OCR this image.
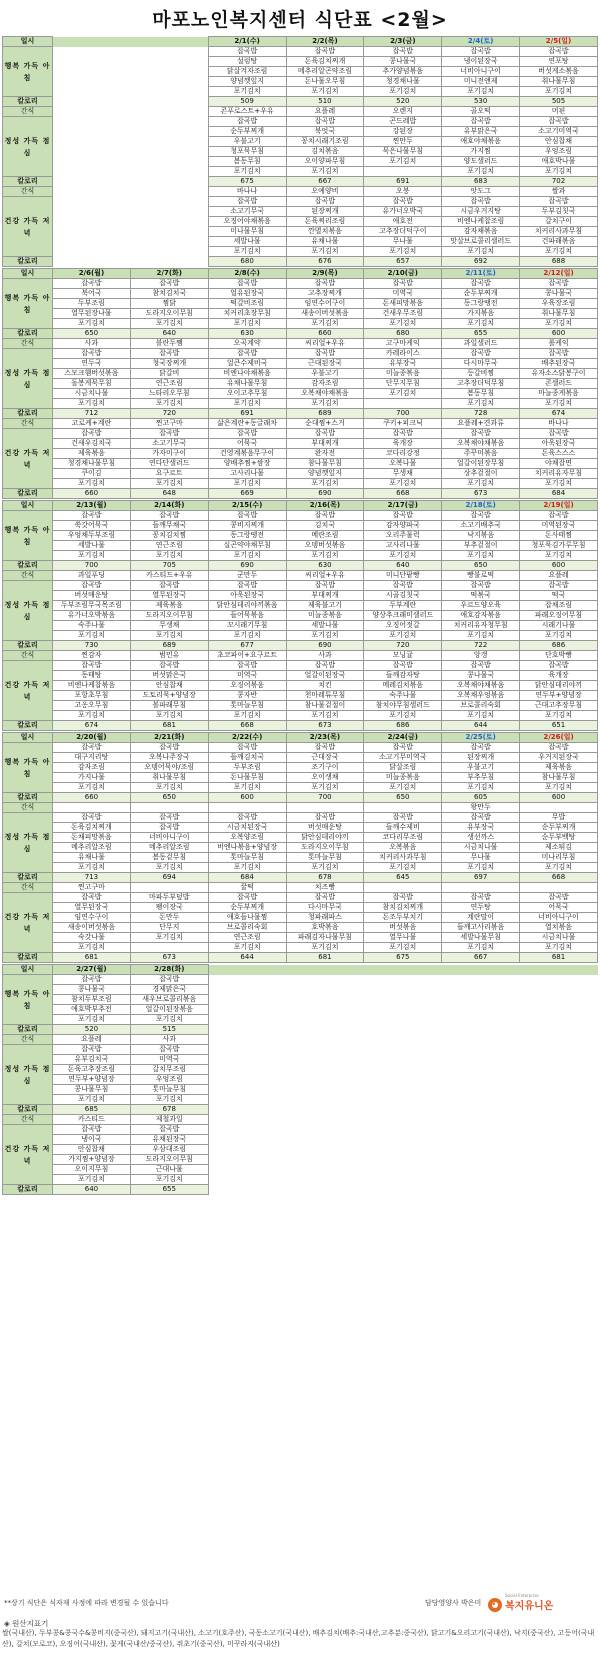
마포노인복지센터 식단표 <2월>
일시			2/1(수)	2/2(목)	2/3(금)	2/4(토)	2/5(일)
행복 가득 아침			잡곡밥	잡곡밥	잡곡밥	잡곡밥	잡곡밥
			설렁탕	돈육김치찌개	콩나물국	냉이된장국	연포탕
			닭살겨자조림	메추리알곤약조림	추가양념볶음	너비아니구이	버섯게소볶음
			양념깻잎지	돈나물오무침	청경채나물	미니전앤제	취나물무침
			포기김치	포기김치	포기김치	포기김치	포기김치
칼로리			509	510	520	530	505
간식			콘푸로스트+우유	요플레	오렌지	골오떡	머핀
정성 가득 점심			잡곡밥	잡곡밥	곤드레밥	잡곡밥	잡곡밥
			순두부찌개	북엇국	강된장	유부맑은국	소고기미역국
			우불고기	꽁치시래기조림	찐만두	애호야채볶음	안심찹채
			청포묵무침	김치볶음	묵은나물무침	가지찜	우엉조림
			봄동무침	오이양파무침	포기김치	양도샐러드	애호박나물
			포기김치	포기김치		포기김치	포기김치
칼로리			675	667	691	683	702
간식			바나나	오예양비	오붕	앗도그	쌀과
건강 가득 저녁			잡곡밥	잡곡밥	잡곡밥	잡곡밥	잡곡밥
			소고기무국	된장찌개	유가너오박국	시금우거지탕	두부김칫국
			오징어야채볶음	돈육찌리조림	애호전	비엔나케찹조림	갈치구이
			미나물무침	깐멸치볶음	고추장더덕구이	감자채볶음	치커리사과무침
			세발나물	유채나물	무나물	맛살브로콜리샐러드	건파래볶음
			포기김치	포기김치	포기김치	포기김치	포기김치
칼로리			680	676	657	692	688

일시	2/6(월)	2/7(화)	2/8(수)	2/9(목)	2/10(금)	2/11(토)	2/12(일)
행복 가득 아침	잡곡밥	잡곡밥	잡곡밥	잡곡밥	잡곡밥	잡곡밥	잡곡밥
	북어국	참치김치국	얼유된장국	고추장찌개	미역국	순두부찌개	콩나물국
	두부조림	찜닭	떡갈비조림	임연수어구이	돈새피망볶음	동그랑땡전	우육장조림
	열무된장나물	도라지오이무침	치커리초장무침	새송이버섯볶음	건새우무조림	가지볶음	취나물무침
	포기김치	포기김치	포기김치	포기김치	포기김치	포기김치	포기김치
칼로리	650	640	630	660	680	655	600
간식	사과	블란두쨈	오곡계약	씨리얼+우유	고구마케익	과일샐러드	롤케익
정성 가득 점심	잡곡밥	잡곡밥	잡곡밥	잡곡밥	카레라이스	잡곡밥	잡곡밥
	연두국	청국장찌개	얼큰수제비국	근대된장국	유부장국	다시마무국	배추된장국
	스모크햄버섯볶음	닭갈비	비엔나야채볶음	우불고기	미늘종볶음	등갈비찜	유자소스닭봉구이
	돌봉게묵무침	연근조림	유채나물무침	감자조림	단무지무침	고추장더덕무침	콘샐러드
	시금치나물	느타리오무침	오이고추무침	오복채야채볶음	포기김치	봄동무침	마늘종게볶음
	포기김치	포기김치	포기김치	포기김치		포기김치	포기김치
칼로리	712	720	691	689	700	728	674
간식	고로케+계란	찐고구마	삶은계란+동글래차	순대찜+스거	쿠키+피크닉	요플레+견과류	바나나
건강 가득 저녁	잡곡밥	잡곡밥	잡곡밥	잡곡밥	잡곡밥	잡곡밥	잡곡밥
	건새우김치국	소고기무국	어묵국	부대찌개	육개장	오복채야채볶음	아욱된장국
	제육볶음	가자미구이	건영계볶음무구이	완자전	코다리강정	주꾸미볶음	돈육스스스
	청경채나물무침	연다단샐러드	양배추찜+쌈장	참나물무침	오복나물	얼갈이된장무침	야채잡면
	쿠이김	요구르트	고사리나물	양념깻잎지	무생채	상추겉절이	치커리유자무침
	포기김치	포기김치	포기김치	포기김치	포기김치	포기김치	포기김치
칼로리	660	648	669	690	668	673	684

일시	2/13(월)	2/14(화)	2/15(수)	2/16(목)	2/17(금)	2/18(토)	2/19(일)
행복 가득 아침	잡곡밥	잡곡밥	잡곡밥	잡곡밥	잡곡밥	잡곡밥	잡곡밥
	쑥갓어묵국	들깨무채국	콩비지찌개	김치국	감자양파국	소고기배추국	미역된장국
	우엉채두부조림	꽁치김치찜	동그랑땡전	메란조림	오리주물럭	낙지볶음	돈사태찜
	세발나물	연근조림	실곤약야채무침	오뎅버섯볶음	고사리나물	부추겉절이	청포묵김가루무침
	포기김치	포기김치	포기김치	포기김치	포기김치	포기김치	포기김치
칼로리	700	705	690	630	640	650	600
간식	과일푸딩	카스티드+우유	군만두	씨리얼+우유	미니단팥빵	빵불로떡	요플레
정성 가득 점심	잡곡밥	잡곡밥	잡곡밥	잡곡밥	잡곡밥	잡곡밥	잡곡밥
	버섯매운탕	열무된장국	아욱된장국	부대찌개	시골김칫국	떡볶국	떡국
	두부조림무국목조림	제육볶음	닭안심데리야끼볶음	제육불고기	두부계란	우르드양오육	잡채조림
	유가너오박볶음	도라지오이무침	들어묵볶음	미늘종볶음	양상추크래미샐러드	애호감자볶음	파래오징어무침
	숙주나물	무생채	꼬시래기무침	세발나물	오징어젓갈	치커리유자청무침	시래기나물
	포기김치	포기김치	포기김치	포기김치	포기김치	포기김치	포기김치
칼로리	730	689	677	690	720	722	686
간식	찐감자	범민유	초코파이+요구르트	사과	모닝귤	앙갱	단호박빵
건강 가득 저녁	잡곡밥	잡곡밥	잡곡밥	잡곡밥	잡곡밥	잡곡밥	잡곡밥
	동태탕	버섯맑은국	미역국	얼갈이된장국	들깨감자탕	콩나물국	육개장
	비엔나케찹볶음	안심찹채	오징어볶음	치킨	메레김치볶음	오복채야채볶음	닭안심데리야끼
	포항초무침	도토리묵+양념장	콩자반	천마레튜무침	숙주나물	오복채우엉볶음	연두부+양념장
	고옹오무침	볼파래무침	톳마늘무침	참나물겉절이	참치야무침샐러드	브로콜리숙회	근대고추장무침
	포기김치	포기김치	포기김치	포기김치	포기김치	포기김치	포기김치
칼로리	674	681	668	673	686	644	651

일시	2/20(월)	2/21(화)	2/22(수)	2/23(목)	2/24(금)	2/25(토)	2/26(일)
행복 가득 아침	잡곡밥	잡곡밥	잡곡밥	잡곡밥	잡곡밥	잡곡밥	잡곡밥
	대구지리탕	오복나주장국	들깨김치국	근대장국	소고기무미역국	된장찌개	우거지된장국
	감자조림	오뎅어묵야/조림	두부조림	조기구이	닭살조림	우불고기	제육볶음
	가지나물	취나물무침	돈나물무침	오이생채	미늘종볶음	부추무침	참나물무침
	포기김치	포기김치	포기김치	포기김치	포기김치	포기김치	포기김치
칼로리	660	650	600	700	650	605	600
간식						왕만두	
정성 가득 점심	잡곡밥	잡곡밥	잡곡밥	잡곡밥	잡곡밥	잡곡밥	무밥
	돈육김치찌개	잡곡밥	시금치된장국	버섯매운탕	들깨수제비	유부장국	순두부찌개
	돈채피망볶음	너비아니구이	오복양조림	닭안심데리야끼	코다리무조림	생선까스	순두부백탕
	메추리알조림	메추리알조림	비엔나볶음+양념장	도라지오이무침	오복볶음	시금치나물	제소튀김
	유채나물	봄동겉무침	톳마늘무침	톳마늘무침	치커리사과무침	무나물	미나리무침
	포기김치	포기김치	포기김치	포기김치	포기김치	포기김치	포기김치
칼로리	713	694	684	678	645	697	668
간식	찐고구마		꿀떡	치즈빵			
건강 가득 저녁	잡곡밥	마파두부덮밥	잡곡밥	잡곡밥	잡곡밥	잡곡밥	잡곡밥
	열무된장국	팽이장국	순두부찌개	다시마무국	참치김치찌개	연두탕	어묵국
	임연수구이	돈만두	애호들나물찜	청파래파스	돈조두부치기	계란말이	너비아니구이
	새송이버섯볶음	단무지	브로콜리숙회	호박볶음	버섯볶음	들깨고사리볶음	열치볶음
	숙갓나물	포기김치	연근조림	파래김자나물무침	열무나물	세발나물무침	시금치나물
	포기김치		포기김치	포기김치	포기김치	포기김치	포기김치
칼로리	681	673	644	681	675	667	681

일시	2/27(월)	2/28(화)					
행복 가득 아침	잡곡밥	잡곡밥					
	콩나물국	경제맑은국					
	참치두부조림	새우브로콜리볶음					
	애호박부추전	얼갈이된장볶음					
	포기김치	포기김치					
칼로리	520	515					
간식	요플레	사과					
정성 가득 점심	잡곡밥	잡곡밥					
	유부김치국	미역국					
	돈육고추장조림	갈치무조림					
	연두부+양념장	우엉조림					
	콩나물무침	톳마늘무침					
	포기김치	포기김치					
칼로리	685	678					
간식	카스티드	제철과일					
건강 가득 저녁	잡곡밥	잡곡밥					
	냉이국	유채된장국					
	안심찹채	우삼대조림					
	가지찜+양념장	도라지오이무침					
	오이지무침	근대나물					
	포기김치	포기김치					
칼로리	640	655					
**상기 식단은 식자재 사정에 따라 변경될 수 있습니다	담당영양사 박은미	◕ 복지유니온
Social Enterprise
◈ 원산지표기
쌀(국내산), 두부콩&콩국수&콩비지(중국산), 돼지고기(국내산), 소고기(호주산), 국동소고기(국내산), 배추김치(배추:국내산,고추분:중국산), 닭고기&오리고기(국내산), 낙지(중국산), 고등어(국내산), 갈치(모로코), 오징어(국내산), 꽃게(국내산/중국산), 쥐초기(중국산), 미꾸라지(국내산)
